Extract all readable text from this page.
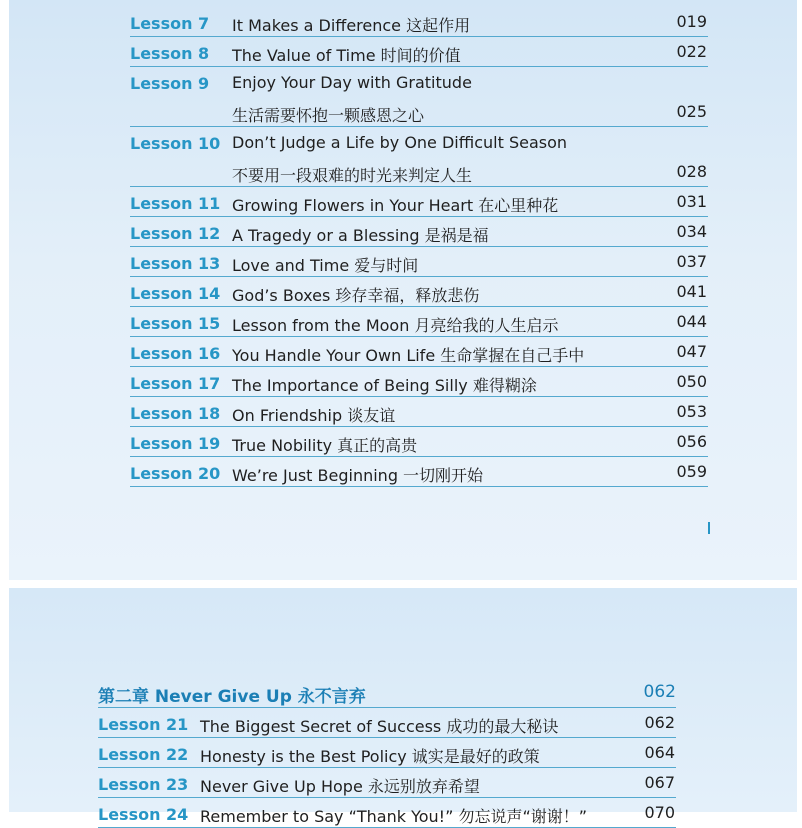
Lesson 7 It Makes a Difference 这起作用	019
Lesson 8 The Value of Time 时间的价值	022
Lesson 9 Enjoy Your Day with Gratitude
生活需要怀抱一颗感恩之心	025
Lesson 10 Don’t Judge a Life by One Difficult Season
不要用一段艰难的时光来判定人生	028
Lesson 11 Growing Flowers in Your Heart 在心里种花	031
Lesson 12 A Tragedy or a Blessing 是祸是福	034
Lesson 13 Love and Time 爱与时间	037
Lesson 14 God’s Boxes 珍存幸福，释放悲伤	041
Lesson 15 Lesson from the Moon 月亮给我的人生启示	044
Lesson 16 You Handle Your Own Life 生命掌握在自己手中	047
Lesson 17 The Importance of Being Silly 难得糊涂	050
Lesson 18 On Friendship 谈友谊	053
Lesson 19 True Nobility 真正的高贵	056
Lesson 20 We’re Just Beginning 一切刚开始	059
第二章 Never Give Up 永不言弃	062
Lesson 21 The Biggest Secret of Success 成功的最大秘诀	062
Lesson 22 Honesty is the Best Policy 诚实是最好的政策	064
Lesson 23 Never Give Up Hope 永远别放弃希望	067
Lesson 24 Remember to Say “Thank You!” 勿忘说声“谢谢！”	070
